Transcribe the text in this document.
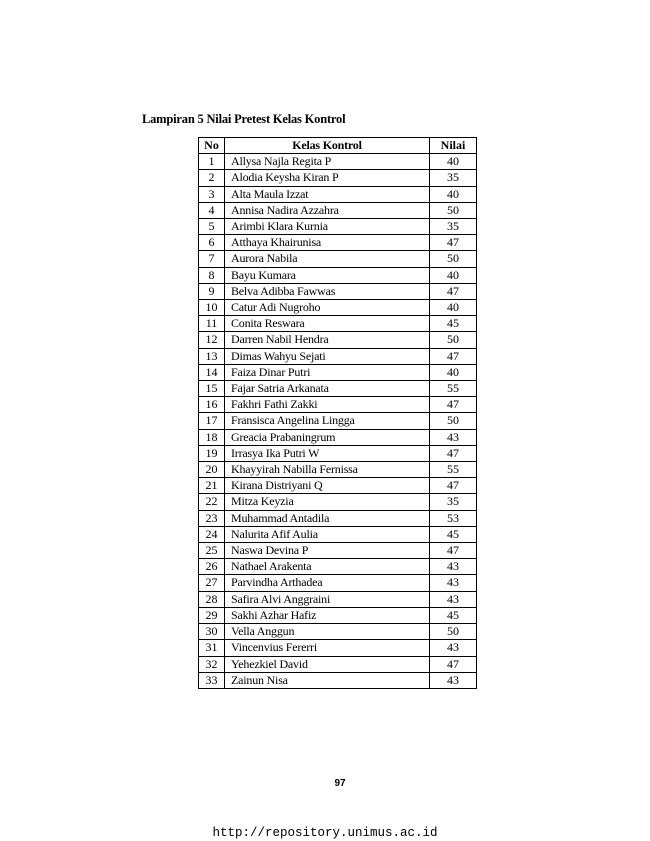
Lampiran 5 Nilai Pretest Kelas Kontrol
No	Kelas Kontrol	Nilai
1	Allysa Najla Regita P	40
2	Alodia Keysha Kiran P	35
3	Alta Maula Izzat	40
4	Annisa Nadira Azzahra	50
5	Arimbi Klara Kurnia	35
6	Atthaya Khairunisa	47
7	Aurora Nabila	50
8	Bayu Kumara	40
9	Belva Adibba Fawwas	47
10	Catur Adi Nugroho	40
11	Conita Reswara	45
12	Darren Nabil Hendra	50
13	Dimas Wahyu Sejati	47
14	Faiza Dinar Putri	40
15	Fajar Satria Arkanata	55
16	Fakhri Fathi Zakki	47
17	Fransisca Angelina Lingga	50
18	Greacia Prabaningrum	43
19	Irrasya Ika Putri W	47
20	Khayyirah Nabilla Fernissa	55
21	Kirana Distriyani Q	47
22	Mitza Keyzia	35
23	Muhammad Antadila	53
24	Nalurita Afif Aulia	45
25	Naswa Devina P	47
26	Nathael Arakenta	43
27	Parvindha Arthadea	43
28	Safira Alvi Anggraini	43
29	Sakhi Azhar Hafiz	45
30	Vella Anggun	50
31	Vincenvius Fererri	43
32	Yehezkiel David	47
33	Zainun Nisa	43
97
http://repository.unimus.ac.id
